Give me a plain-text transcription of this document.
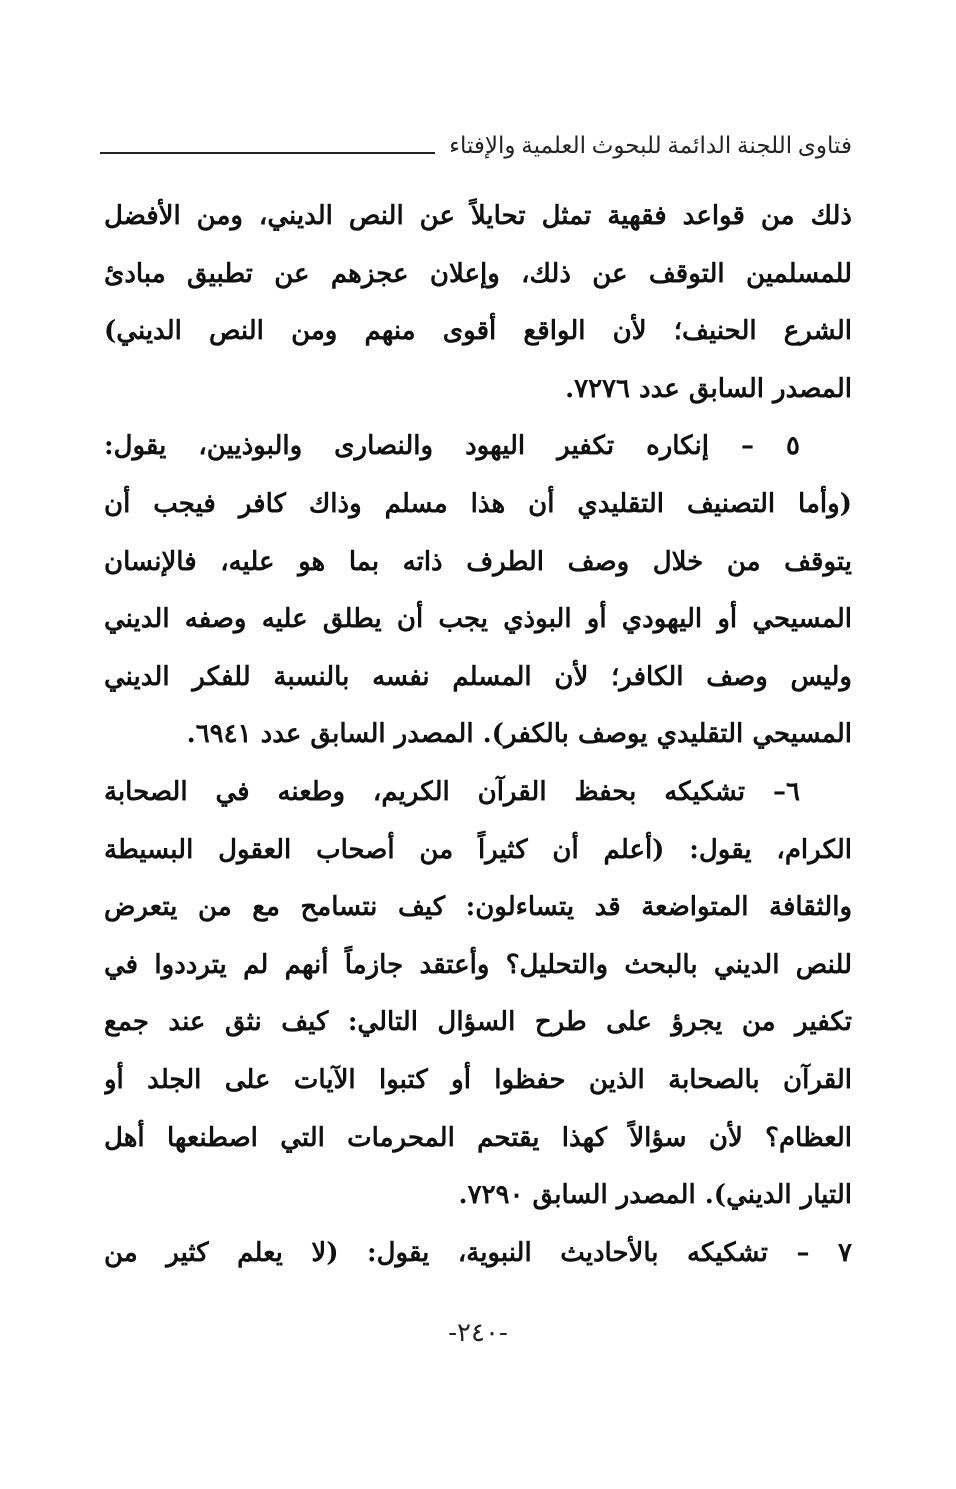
فتاوى اللجنة الدائمة للبحوث العلمية والإفتاء
ذلك من قواعد فقهية تمثل تحايلاً عن النص الديني، ومن الأفضل
للمسلمين التوقف عن ذلك، وإعلان عجزهم عن تطبيق مبادئ
الشرع الحنيف؛ لأن الواقع أقوى منهم ومن النص الديني)
المصدر السابق عدد ٧٢٧٦.
٥ – إنكاره تكفير اليهود والنصارى والبوذيين، يقول:
(وأما التصنيف التقليدي أن هذا مسلم وذاك كافر فيجب أن
يتوقف من خلال وصف الطرف ذاته بما هو عليه، فالإنسان
المسيحي أو اليهودي أو البوذي يجب أن يطلق عليه وصفه الديني
وليس وصف الكافر؛ لأن المسلم نفسه بالنسبة للفكر الديني
المسيحي التقليدي يوصف بالكفر). المصدر السابق عدد ٦٩٤١.
٦– تشكيكه بحفظ القرآن الكريم، وطعنه في الصحابة
الكرام، يقول: (أعلم أن كثيراً من أصحاب العقول البسيطة
والثقافة المتواضعة قد يتساءلون: كيف نتسامح مع من يتعرض
للنص الديني بالبحث والتحليل؟ وأعتقد جازماً أنهم لم يترددوا في
تكفير من يجرؤ على طرح السؤال التالي: كيف نثق عند جمع
القرآن بالصحابة الذين حفظوا أو كتبوا الآيات على الجلد أو
العظام؟ لأن سؤالاً كهذا يقتحم المحرمات التي اصطنعها أهل
التيار الديني). المصدر السابق ٧٢٩٠.
٧ – تشكيكه بالأحاديث النبوية، يقول: (لا يعلم كثير من
-٢٤٠-
